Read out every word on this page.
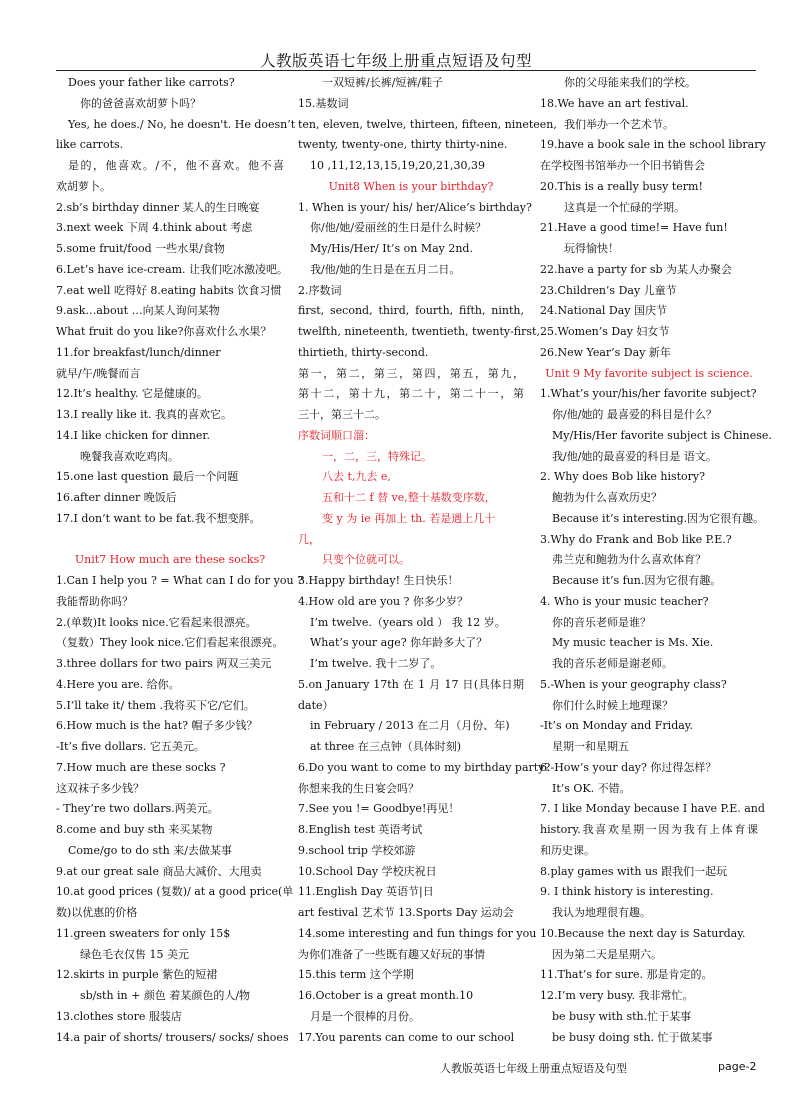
人教版英语七年级上册重点短语及句型
Does your father like carrots?
你的爸爸喜欢胡萝卜吗？
Yes, he does./ No, he doesn't. He doesn’t
like carrots.
是的，他喜欢。/不，他不喜欢。他不喜
欢胡萝卜。
2.sb’s birthday dinner 某人的生日晚宴
3.next week 下周 4.think about 考虑
5.some fruit/food 一些水果/食物
6.Let’s have ice-cream. 让我们吃冰激凌吧。
7.eat well 吃得好 8.eating habits 饮食习惯
9.ask…about …向某人询问某物
What fruit do you like?你喜欢什么水果？
11.for breakfast/lunch/dinner
就早/午/晚餐而言
12.It’s healthy. 它是健康的。
13.I really like it. 我真的喜欢它。
14.I like chicken for dinner.
晚餐我喜欢吃鸡肉。
15.one last question 最后一个问题
16.after dinner 晚饭后
17.I don’t want to be fat.我不想变胖。
Unit7 How much are these socks?
1.Can I help you ? = What can I do for you ?
我能帮助你吗？
2.(单数)It looks nice.它看起来很漂亮。
（复数）They look nice.它们看起来很漂亮。
3.three dollars for two pairs 两双三美元
4.Here you are. 给你。
5.I’ll take it/ them .我将买下它/它们。
6.How much is the hat? 帽子多少钱？
-It’s five dollars. 它五美元。
7.How much are these socks ?
这双袜子多少钱？
- They’re two dollars.两美元。
8.come and buy sth 来买某物
Come/go to do sth 来/去做某事
9.at our great sale 商品大减价、大甩卖
10.at good prices (复数)/ at a good price(单
数)以优惠的价格
11.green sweaters for only 15$
绿色毛衣仅售 15 美元
12.skirts in purple 紫色的短裙
sb/sth in + 颜色 着某颜色的人/物
13.clothes store 服装店
14.a pair of shorts/ trousers/ socks/ shoes
一双短裤/长裤/短裤/鞋子
15.基数词
ten, eleven, twelve, thirteen, fifteen, nineteen,
twenty, twenty-one, thirty thirty-nine.
10 ,11,12,13,15,19,20,21,30,39
Unit8 When is your birthday?
1. When is your/ his/ her/Alice’s birthday?
你/他/她/爱丽丝的生日是什么时候？
My/His/Her/ It’s on May 2nd.
我/他/她的生日是在五月二日。
2.序数词
first, second, third, fourth, fifth, ninth,
twelfth, nineteenth, twentieth, twenty-first,
thirtieth, thirty-second.
第一，第二，第三，第四，第五，第九，
第十二，第十九，第二十，第二十一，第
三十，第三十二。
序数词顺口溜：
一，二，三，特殊记。
八去 t,九去 e,
五和十二 f 替 ve,整十基数变序数，
变 y 为 ie 再加上 th. 若是遇上几十
几，
只变个位就可以。
3.Happy birthday! 生日快乐！
4.How old are you ? 你多少岁？
I’m twelve.（years old ） 我 12 岁。
What’s your age? 你年龄多大了？
I’m twelve. 我十二岁了。
5.on January 17th 在 1 月 17 日(具体日期
date）
in February / 2013 在二月（月份、年)
at three 在三点钟（具体时刻)
6.Do you want to come to my birthday party?
你想来我的生日宴会吗？
7.See you != Goodbye!再见！
8.English test 英语考试
9.school trip 学校郊游
10.School Day 学校庆祝日
11.English Day 英语节|日
art festival 艺术节 13.Sports Day 运动会
14.some interesting and fun things for you
为你们准备了一些既有趣又好玩的事情
15.this term 这个学期
16.October is a great month.10
月是一个很棒的月份。
17.You parents can come to our school
你的父母能来我们的学校。
18.We have an art festival.
我们举办一个艺术节。
19.have a book sale in the school library
在学校图书馆举办一个旧书销售会
20.This is a really busy term!
这真是一个忙碌的学期。
21.Have a good time!= Have fun!
玩得愉快！
22.have a party for sb 为某人办聚会
23.Children’s Day 儿童节
24.National Day 国庆节
25.Women’s Day 妇女节
26.New Year’s Day 新年
Unit 9 My favorite subject is science.
1.What’s your/his/her favorite subject?
你/他/她的 最喜爱的科目是什么？
My/His/Her favorite subject is Chinese.
我/他/她的最喜爱的科目是 语文。
2. Why does Bob like history?
鲍勃为什么喜欢历史？
Because it’s interesting.因为它很有趣。
3.Why do Frank and Bob like P.E.?
弗兰克和鲍勃为什么喜欢体育？
Because it’s fun.因为它很有趣。
4. Who is your music teacher?
你的音乐老师是谁？
My music teacher is Ms. Xie.
我的音乐老师是谢老师。
5.-When is your geography class?
你们什么时候上地理课？
-It’s on Monday and Friday.
星期一和星期五
6.-How’s your day? 你过得怎样？
It’s OK. 不错。
7. I like Monday because I have P.E. and
history.我喜欢星期一因为我有上体育课
和历史课。
8.play games with us 跟我们一起玩
9. I think history is interesting.
我认为地理很有趣。
10.Because the next day is Saturday.
因为第二天是星期六。
11.That’s for sure. 那是肯定的。
12.I’m very busy. 我非常忙。
be busy with sth.忙于某事
be busy doing sth. 忙于做某事
人教版英语七年级上册重点短语及句型	page-2
